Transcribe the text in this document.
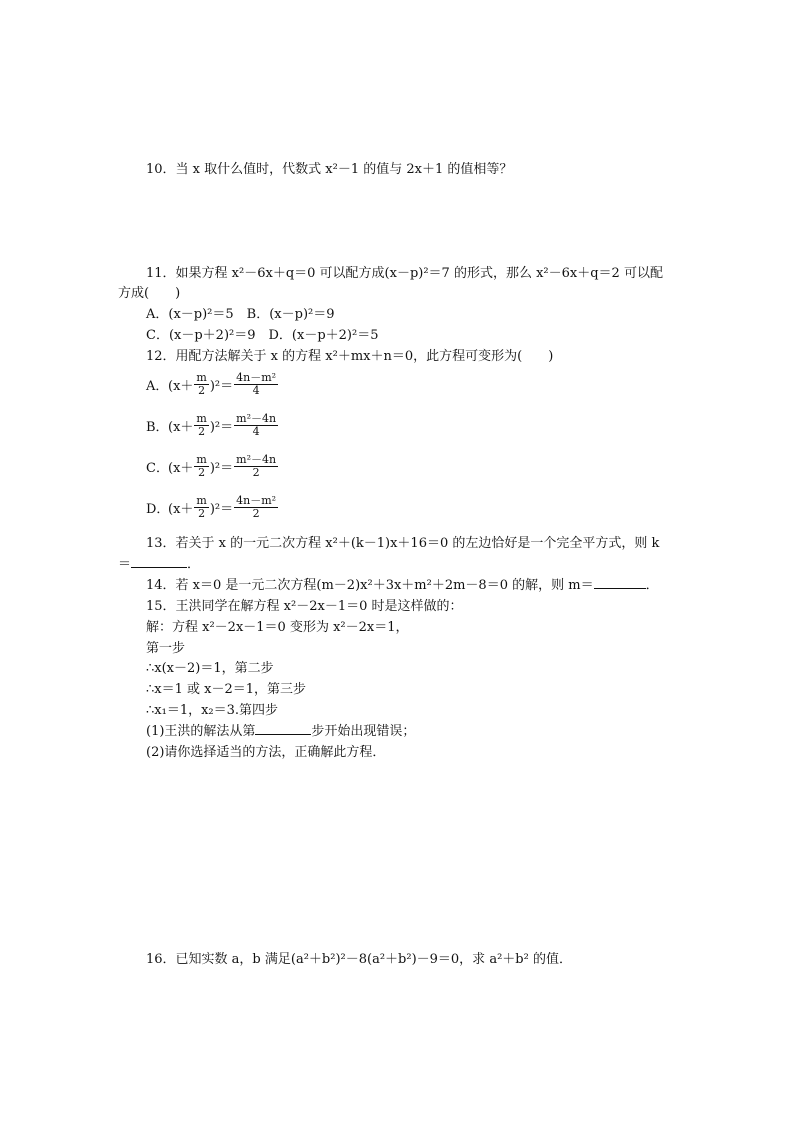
10．当 x 取什么值时，代数式 x²－1 的值与 2x＋1 的值相等？
11．如果方程 x²－6x＋q＝0 可以配方成(x－p)²＝7 的形式，那么 x²－6x＋q＝2 可以配
方成(　　)
A．(x－p)²＝5　B．(x－p)²＝9
C．(x－p＋2)²＝9　D．(x－p＋2)²＝5
12．用配方法解关于 x 的方程 x²＋mx＋n＝0，此方程可变形为(　　)
A． $(x+ \frac{m}{2} )^2= \frac{\text{4n－m²}}{4}$
B． $(x+ \frac{m}{2} )^2= \frac{\text{m²－4n}}{4}$
C． $(x+ \frac{m}{2} )^2= \frac{\text{m²－4n}}{2}$
D．
$(x+ \frac{m}{2} )^2= \frac{\text{4n－m²}}{2}$
13．若关于 x 的一元二次方程 x²＋(k－1)x＋16＝0 的左边恰好是一个完全平方式，则 k
＝	．
14．若 x＝0 是一元二次方程(m－2)x²＋3x＋m²＋2m－8＝0 的解，则 m＝	．
15．王洪同学在解方程 x²－2x－1＝0 时是这样做的：
解：方程 x²－2x－1＝0 变形为 x²－2x＝1，
第一步
∴x(x－2)＝1，第二步
∴x＝1 或 x－2＝1，第三步
∴x₁＝1，x₂＝3.第四步
(1)王洪的解法从第	步开始出现错误；
(2)请你选择适当的方法，正确解此方程．
16．已知实数 a，b 满足(a²＋b²)²－8(a²＋b²)－9＝0，求 a²＋b² 的值．
